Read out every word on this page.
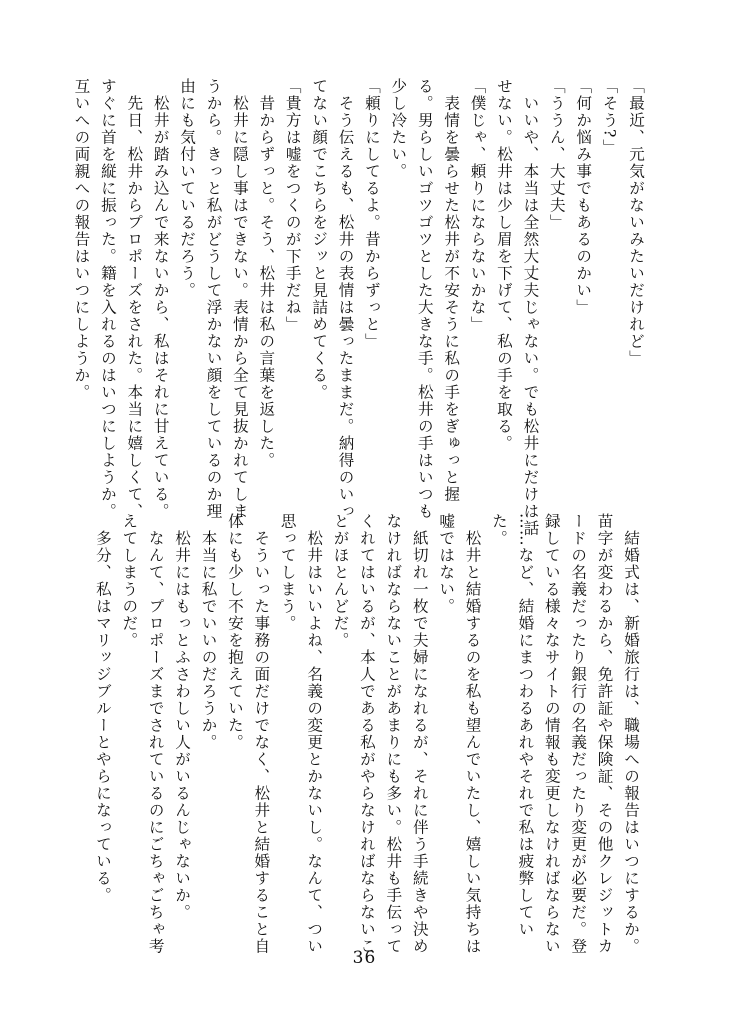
「最近、元気がないみたいだけれど」
「そう?」
「何か悩み事でもあるのかい」
「ううん、大丈夫」
　いいや、本当は全然大丈夫じゃない。でも松井にだけは話
せない。松井は少し眉を下げて、私の手を取る。
「僕じゃ、頼りにならないかな」
　表情を曇らせた松井が不安そうに私の手をぎゅっと握
る。男らしいゴツゴツとした大きな手。松井の手はいつも
少し冷たい。
「頼りにしてるよ。昔からずっと」
　そう伝えるも、松井の表情は曇ったままだ。納得のいっ
てない顔でこちらをジッと見詰めてくる。
「貴方は嘘をつくのが下手だね」
　昔からずっと。そう、松井は私の言葉を返した。
　松井に隠し事はできない。表情から全て見抜かれてしま
うから。きっと私がどうして浮かない顔をしているのか理
由にも気付いているだろう。
　松井が踏み込んで来ないから、私はそれに甘えている。
　先日、松井からプロポーズをされた。本当に嬉しくて、
すぐに首を縦に振った。籍を入れるのはいつにしようか。
互いへの両親への報告はいつにしようか。
　結婚式は、新婚旅行は、職場への報告はいつにするか。
苗字が変わるから、免許証や保険証、その他クレジットカ
ードの名義だったり銀行の名義だったり変更が必要だ。登
録している様々なサイトの情報も変更しなければならない
……など、結婚にまつわるあれやそれで私は疲弊してい
た。
　松井と結婚するのを私も望んでいたし、嬉しい気持ちは
嘘ではない。
　紙切れ一枚で夫婦になれるが、それに伴う手続きや決め
なければならないことがあまりにも多い。松井も手伝って
くれてはいるが、本人である私がやらなければならないこ
とがほとんどだ。
　松井はいいよね、名義の変更とかないし。なんて、つい
思ってしまう。
　そういった事務の面だけでなく、松井と結婚すること自
体にも少し不安を抱えていた。
　本当に私でいいのだろうか。
　松井にはもっとふさわしい人がいるんじゃないか。
　なんて、プロポーズまでされているのにごちゃごちゃ考
えてしまうのだ。
　多分、私はマリッジブルーとやらになっている。
36
